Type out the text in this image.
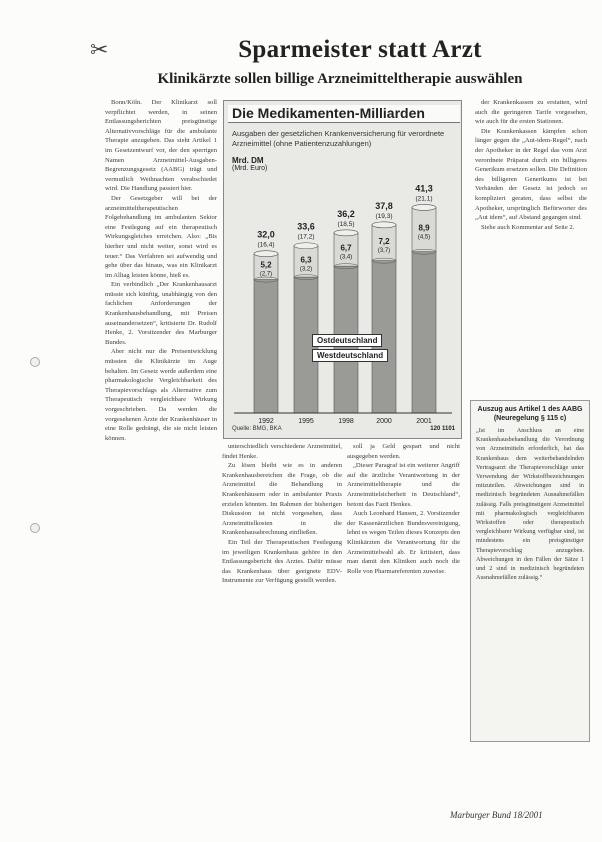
✂	Sparmeister statt Arzt
Klinikärzte sollen billige Arzneimitteltherapie auswählen

Bonn/Köln. Der Klinikarzt soll verpflichtet werden, in seinen Entlassungsberichten preisgünstige Alternativvorschläge für die ambulante Therapie anzugeben. Das sieht Artikel 1 im Gesetzentwurf vor, der den sperrigen Namen Arzneimittel-Ausgaben-Begrenzungsgesetz (AABG) trägt und vermutlich Weihnachten verabschiedet wird. Die Handlung passiert hier.

Der Gesetzgeber will bei der arzneimitteltherapeutischen Folgebehandlung im ambulanten Sektor eine Festlegung auf ein therapeutisch Wirkungsgleiches erreichen. Also: „Bis hierher und nicht weiter, sonst wird es teuer.“ Das Verfahren sei aufwendig und gehe über das hinaus, was ein Klinikarzt im Alltag leisten könne, hieß es.

Ein verbindlich „Der Krankenhausarzt müsste sich künftig, unabhängig von den fachlichen Anforderungen der Krankenhausbehandlung, mit Preisen auseinandersetzen“, kritisierte Dr. Rudolf Henke, 2. Vorsitzender des Marburger Bundes.

Aber nicht nur die Preisentwicklung müssten die Klinikärzte im Auge behalten. Im Gesetz werde außerdem eine pharmakologische Vergleichbarkeit des Therapievorschlags als Alternative zum Therapeutisch vergleichbare Wirkung vorgeschrieben. Da werden die vorgesehenen Ärzte der Krankenhäuser in eine Rolle gedrängt, die sie nicht leisten können.

Die Medikamenten-Milliarden
Ausgaben der gesetzlichen Krankenversicherung für verordnete Arzneimittel (ohne Patientenzuzahlungen)
Mrd. DM
(Mrd. Euro)
32,0
(16,4)
5,2
(2,7)
1992
33,6
(17,2)
6,3
(3,2)
1995
36,2
(18,5)
6,7
(3,4)
1998
37,8
(19,3)
7,2
(3,7)
2000
41,3
(21,1)
8,9
(4,5)
2001
Ostdeutschland
Westdeutschland
Quelle: BMG, BKA	120 1101

unterschiedlich verschiedene Arzneimittel, findet Henke.

Zu lösen bleibt wie es in anderen Krankenhausbereichen die Frage, ob die Arzneimittel die Behandlung in Krankenhäusern oder in ambulanter Praxis erzielen könnten. Im Rahmen der bisherigen Diskussion ist nicht vorgesehen, dass Arzneimittelkosten in die Krankenhausabrechnung einfließen.

Ein Teil der Therapeutischen Festlegung im jeweiligen Krankenhaus gehöre in den Entlassungsbericht des Arztes. Dafür müsse das Krankenhaus über geeignete EDV-Instrumente zur Verfügung gestellt werden.

soll ja Geld gespart und nicht ausgegeben werden.

„Dieser Paragraf ist ein weiterer Angriff auf die ärztliche Verantwortung in der Arzneimitteltherapie und die Arzneimittelsicherheit in Deutschland“, betont das Fazit Henkes.

Auch Leonhard Hansen, 2. Vorsitzender der Kassenärztlichen Bundesvereinigung, lehnt es wegen Teilen dieses Konzepts den Klinikärzten die Verantwortung für die Arzneimittelwahl ab. Er kritisiert, dass man damit den Kliniken auch noch die Rolle von Pharmareferenten zuweise.

der Krankenkassen zu erstatten, wird auch die geringeren Tarife vorgesehen, wie auch für die ersten Stationen.

Die Krankenkassen kämpfen schon länger gegen die „Aut-idem-Regel“, nach der Apotheker in der Regel das vom Arzt verordnete Präparat durch ein billigeres Generikum ersetzen sollen. Die Definition des billigeren Generikums ist bei Verbänden der Gesetz ist jedoch so kompliziert geraten, dass selbst die Apotheker, ursprünglich Befürworter des „Aut idem“, auf Abstand gegangen sind.

Siehe auch Kommentar auf Seite 2.

Auszug aus Artikel 1 des AABG (Neuregelung § 115 c)
„Ist im Anschluss an eine Krankenhausbehandlung die Verordnung von Arzneimitteln erforderlich, hat das Krankenhaus dem weiterbehandelnden Vertragsarzt die Therapievorschläge unter Verwendung der Wirkstoffbezeichnungen mitzuteilen. Abweichungen sind in medizinisch begründeten Ausnahmefällen zulässig. Falls preisgünstigere Arzneimittel mit pharmakologisch vergleichbaren Wirkstoffen oder therapeutisch vergleichbarer Wirkung verfügbar sind, ist mindestens ein preisgünstiger Therapievorschlag anzugeben. Abweichungen in den Fällen der Sätze 1 und 2 sind in medizinisch begründeten Ausnahmefällen zulässig.“
Marburger Bund 18/2001
